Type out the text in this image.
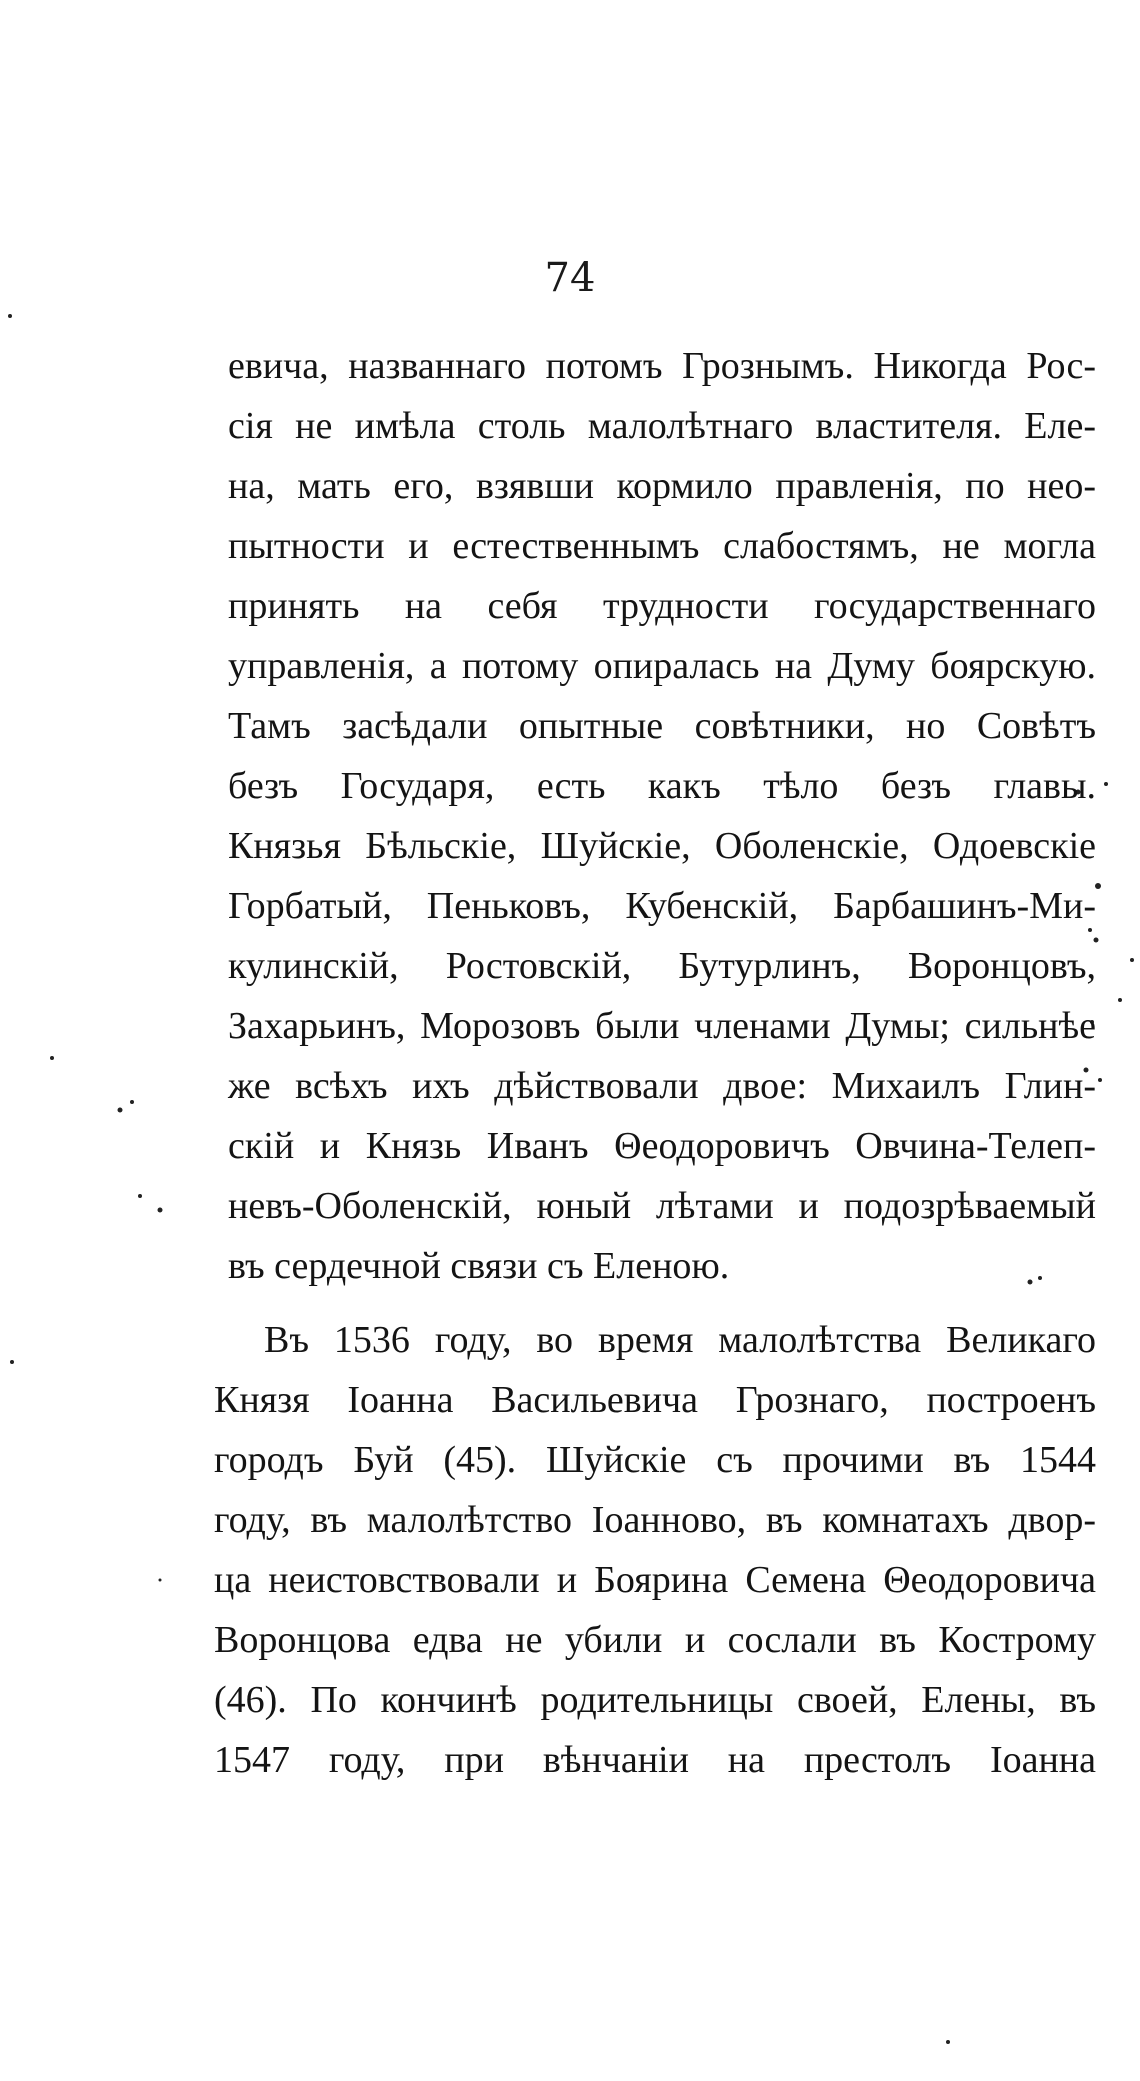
74
евича, названнаго потомъ Грознымъ. Никогда Рос-
сія не имѣла столь малолѣтнаго властителя. Еле-
на, мать его, взявши кормило правленія, по нео-
пытности и естественнымъ слабостямъ, не могла
принять на себя трудности государственнаго
управленія, а потому опиралась на Думу боярскую.
Тамъ засѣдали опытные совѣтники, но Совѣтъ
безъ Государя, есть какъ тѣло безъ главы.
Князья Бѣльскіе, Шуйскіе, Оболенскіе, Одоевскіе
Горбатый, Пеньковъ, Кубенскій, Барбашинъ-Ми-
кулинскій, Ростовскій, Бутурлинъ, Воронцовъ,
Захарьинъ, Морозовъ были членами Думы; сильнѣе
же всѣхъ ихъ дѣйствовали двое: Михаилъ Глин-
скій и Князь Иванъ Θеодоровичъ Овчина-Телеп-
невъ-Оболенскій, юный лѣтами и подозрѣваемый
въ сердечной связи съ Еленою.
Въ 1536 году, во время малолѣтства Великаго
Князя Іоанна Васильевича Грознаго, построенъ
городъ Буй (45). Шуйскіе съ прочими въ 1544
году, въ малолѣтство Іоанново, въ комнатахъ двор-
ца неистовствовали и Боярина Семена Θеодоровича
Воронцова едва не убили и сослали въ Кострому
(46). По кончинѣ родительницы своей, Елены, въ
1547 году, при вѣнчаніи на престолъ Іоанна
